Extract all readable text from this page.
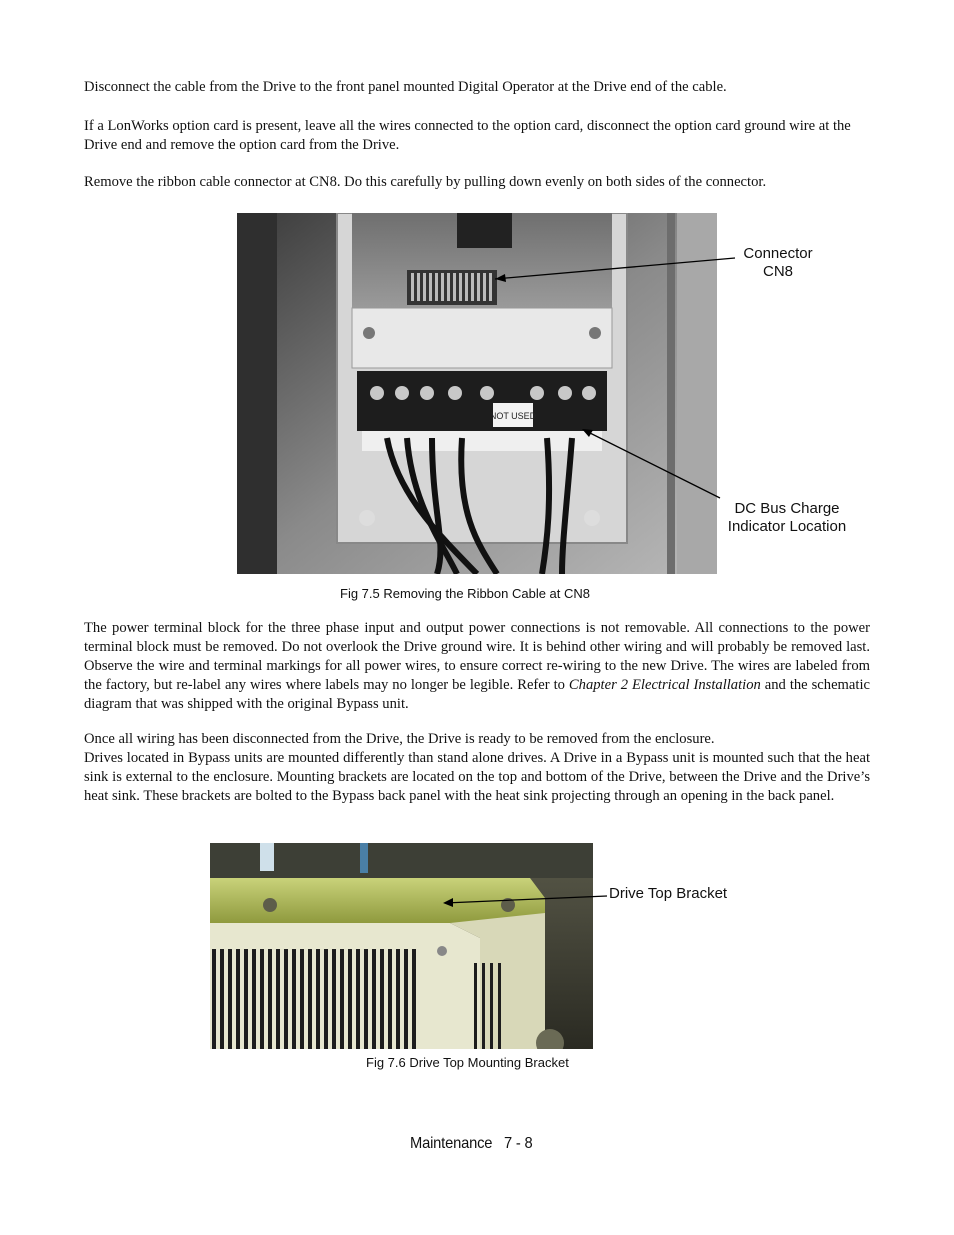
Disconnect the cable from the Drive to the front panel mounted Digital Operator at the Drive end of the cable.

If a LonWorks option card is present, leave all the wires connected to the option card, disconnect the option card ground wire at the Drive end and remove the option card from the Drive.

Remove the ribbon cable connector at CN8. Do this carefully by pulling down evenly on both sides of the connector.

NOT USED
Connector
CN8
DC Bus Charge
Indicator Location
Fig 7.5 Removing the Ribbon Cable at CN8

The power terminal block for the three phase input and output power connections is not removable. All connections to the power terminal block must be removed. Do not overlook the Drive ground wire. It is behind other wiring and will probably be removed last. Observe the wire and terminal markings for all power wires, to ensure correct re-wiring to the new Drive. The wires are labeled from the factory, but re-label any wires where labels may no longer be legible. Refer to Chapter 2 Electrical Installation and the schematic diagram that was shipped with the original Bypass unit.

Once all wiring has been disconnected from the Drive, the Drive is ready to be removed from the enclosure.

Drives located in Bypass units are mounted differently than stand alone drives. A Drive in a Bypass unit is mounted such that the heat sink is external to the enclosure. Mounting brackets are located on the top and bottom of the Drive, between the Drive and the Drive’s heat sink. These brackets are bolted to the Bypass back panel with the heat sink projecting through an opening in the back panel.

Drive Top Bracket
Fig 7.6 Drive Top Mounting Bracket
Maintenance   7 - 8
